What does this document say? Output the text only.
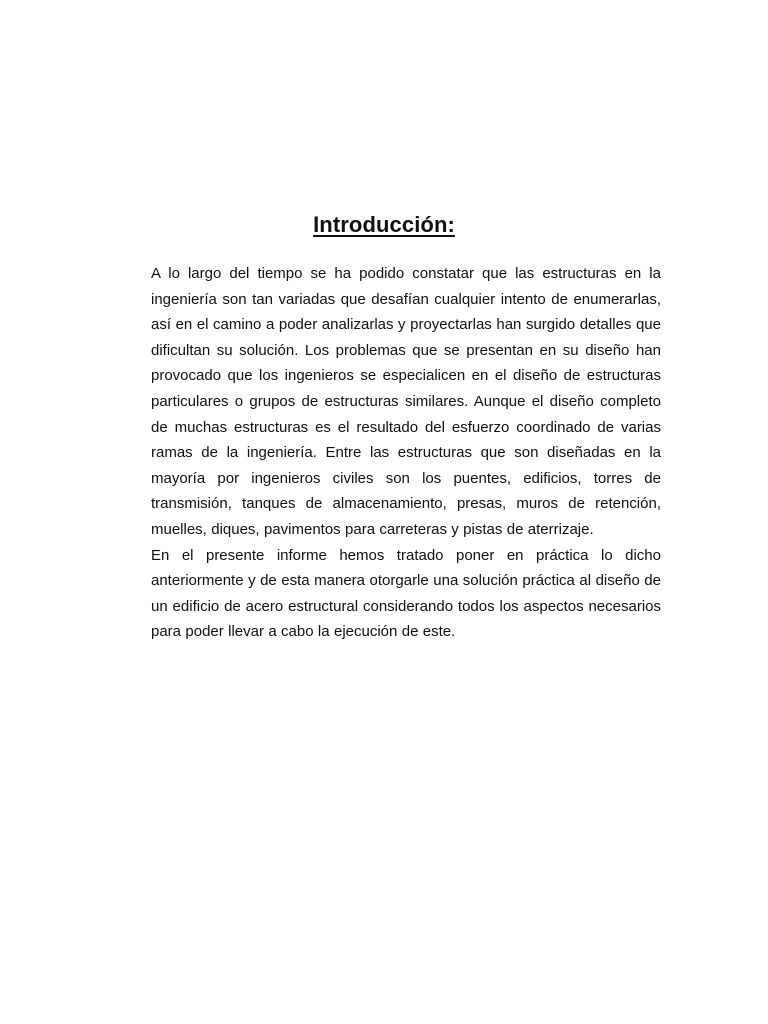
Introducción:

A lo largo del tiempo se ha podido constatar que las estructuras en la ingeniería son tan variadas que desafían cualquier intento de enumerarlas, así en el camino a poder analizarlas y proyectarlas han surgido detalles que dificultan su solución. Los problemas que se presentan en su diseño han provocado que los ingenieros se especialicen en el diseño de estructuras particulares o grupos de estructuras similares. Aunque el diseño completo de muchas estructuras es el resultado del esfuerzo coordinado de varias ramas de la ingeniería. Entre las estructuras que son diseñadas en la mayoría por ingenieros civiles son los puentes, edificios, torres de transmisión, tanques de almacenamiento, presas, muros de retención, muelles, diques, pavimentos para carreteras y pistas de aterrizaje.

En el presente informe hemos tratado poner en práctica lo dicho anteriormente y de esta manera otorgarle una solución práctica al diseño de un edificio de acero estructural considerando todos los aspectos necesarios para poder llevar a cabo la ejecución de este.
